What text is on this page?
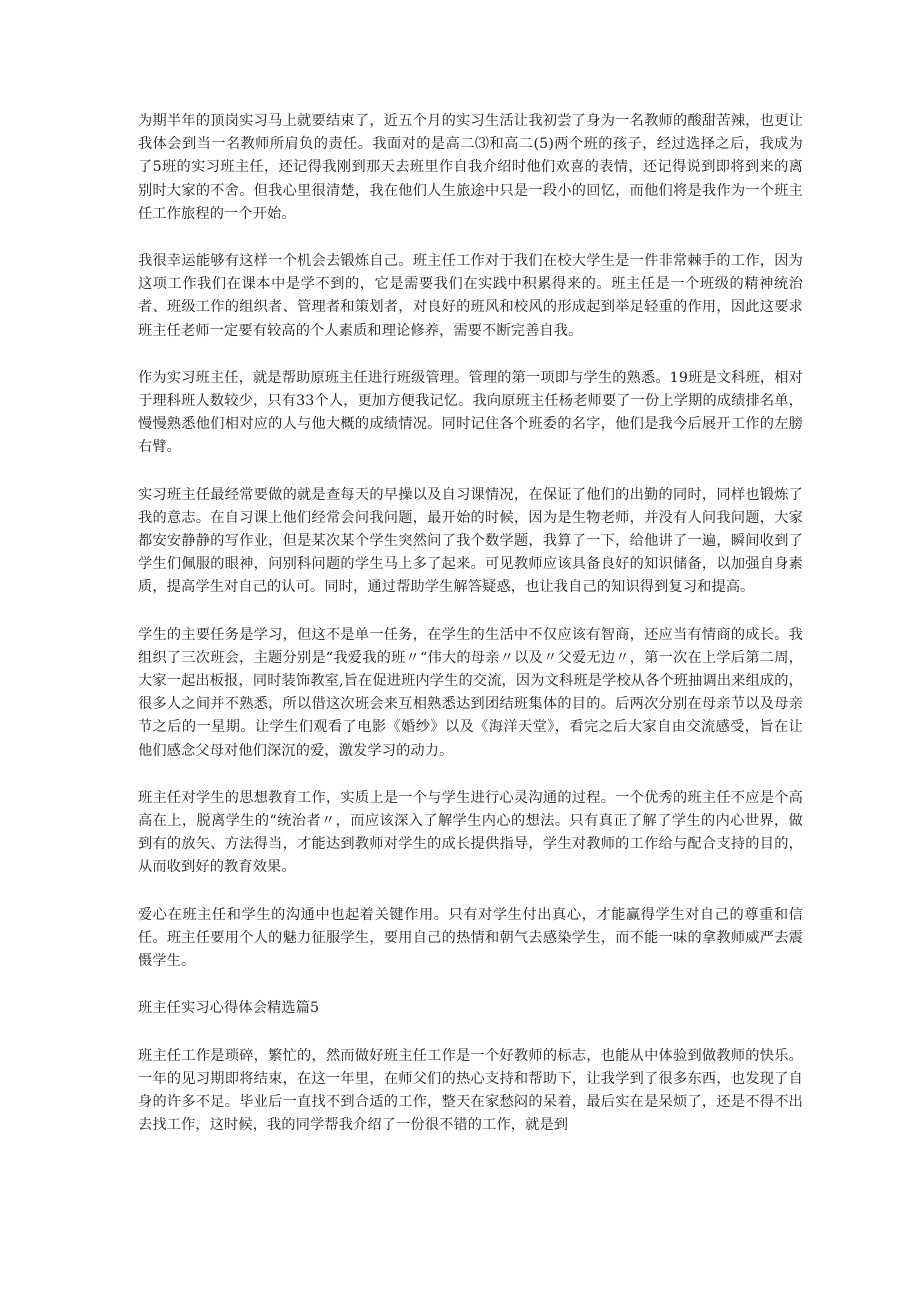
为期半年的顶岗实习马上就要结束了，近五个月的实习生活让我初尝了身为一名教师的酸甜苦辣，也更让我体会到当一名教师所肩负的责任。我面对的是高二⑶和高二(5)两个班的孩子，经过选择之后，我成为了5班的实习班主任，还记得我刚到那天去班里作自我介绍时他们欢喜的表情，还记得说到即将到来的离别时大家的不舍。但我心里很清楚，我在他们人生旅途中只是一段小的回忆，而他们将是我作为一个班主任工作旅程的一个开始。

我很幸运能够有这样一个机会去锻炼自己。班主任工作对于我们在校大学生是一件非常棘手的工作，因为这项工作我们在课本中是学不到的，它是需要我们在实践中积累得来的。班主任是一个班级的精神统治者、班级工作的组织者、管理者和策划者，对良好的班风和校风的形成起到举足轻重的作用，因此这要求班主任老师一定要有较高的个人素质和理论修养，需要不断完善自我。

作为实习班主任，就是帮助原班主任进行班级管理。管理的第一项即与学生的熟悉。19班是文科班，相对于理科班人数较少，只有33个人，更加方便我记忆。我向原班主任杨老师要了一份上学期的成绩排名单，慢慢熟悉他们相对应的人与他大概的成绩情况。同时记住各个班委的名字，他们是我今后展开工作的左膀右臂。

实习班主任最经常要做的就是查每天的早操以及自习课情况，在保证了他们的出勤的同时，同样也锻炼了我的意志。在自习课上他们经常会问我问题，最开始的时候，因为是生物老师，并没有人问我问题，大家都安安静静的写作业，但是某次某个学生突然问了我个数学题，我算了一下，给他讲了一遍，瞬间收到了学生们佩服的眼神，问别科问题的学生马上多了起来。可见教师应该具备良好的知识储备，以加强自身素质，提高学生对自己的认可。同时，通过帮助学生解答疑惑，也让我自己的知识得到复习和提高。

学生的主要任务是学习，但这不是单一任务，在学生的生活中不仅应该有智商，还应当有情商的成长。我组织了三次班会，主题分别是“我爱我的班〃“伟大的母亲〃以及〃父爱无边〃，第一次在上学后第二周，大家一起出板报，同时装饰教室,旨在促进班内学生的交流，因为文科班是学校从各个班抽调出来组成的，很多人之间并不熟悉，所以借这次班会来互相熟悉达到团结班集体的目的。后两次分别在母亲节以及母亲节之后的一星期。让学生们观看了电影《婚纱》以及《海洋天堂》，看完之后大家自由交流感受，旨在让他们感念父母对他们深沉的爱，激发学习的动力。

班主任对学生的思想教育工作，实质上是一个与学生进行心灵沟通的过程。一个优秀的班主任不应是个高高在上，脱离学生的“统治者〃，而应该深入了解学生内心的想法。只有真正了解了学生的内心世界，做到有的放矢、方法得当，才能达到教师对学生的成长提供指导，学生对教师的工作给与配合支持的目的，从而收到好的教育效果。

爱心在班主任和学生的沟通中也起着关键作用。只有对学生付出真心，才能赢得学生对自己的尊重和信任。班主任要用个人的魅力征服学生，要用自己的热情和朝气去感染学生，而不能一味的拿教师威严去震慑学生。

班主任实习心得体会精选篇5

班主任工作是琐碎，繁忙的，然而做好班主任工作是一个好教师的标志，也能从中体验到做教师的快乐。一年的见习期即将结束，在这一年里，在师父们的热心支持和帮助下，让我学到了很多东西，也发现了自身的许多不足。毕业后一直找不到合适的工作，整天在家愁闷的呆着，最后实在是呆烦了，还是不得不出去找工作，这时候，我的同学帮我介绍了一份很不错的工作，就是到
